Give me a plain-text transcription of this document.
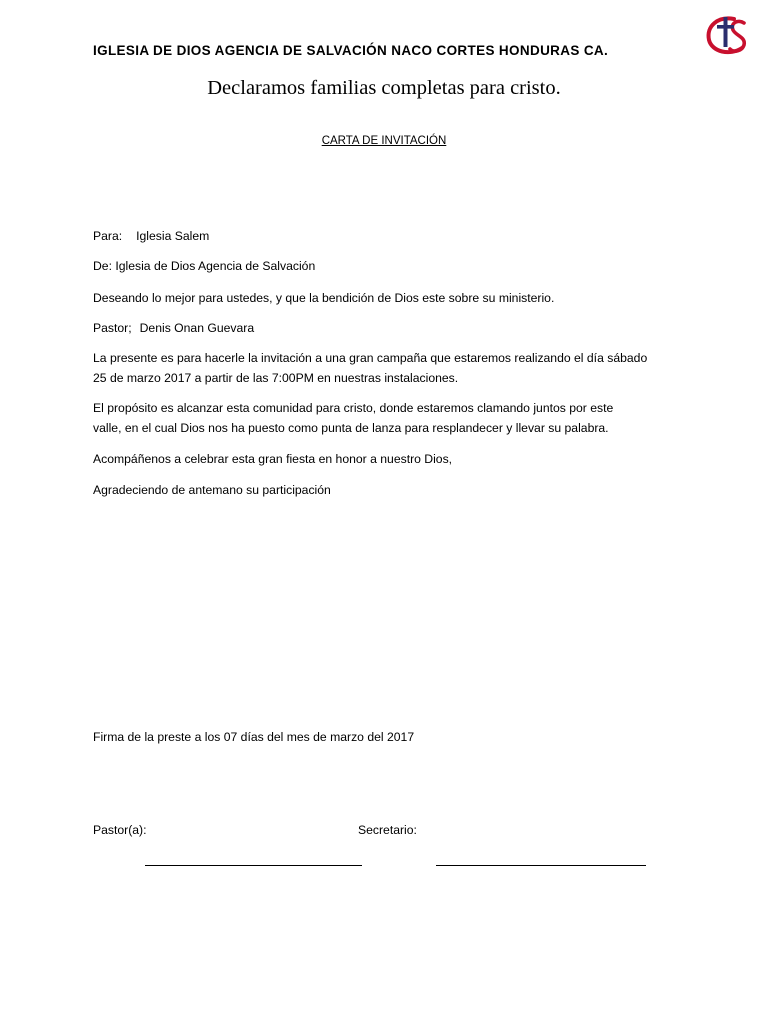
IGLESIA DE DIOS AGENCIA DE SALVACIÓN NACO CORTES HONDURAS CA.
Declaramos familias completas para cristo.
CARTA DE INVITACIÓN
Para: Iglesia Salem
De: Iglesia de Dios Agencia de Salvación
Deseando lo mejor para ustedes, y que la bendición de Dios este sobre su ministerio.
Pastor; Denis Onan Guevara
La presente es para hacerle la invitación a una gran campaña que estaremos realizando el día sábado
25 de marzo 2017 a partir de las 7:00PM en nuestras instalaciones.
El propósito es alcanzar esta comunidad para cristo, donde estaremos clamando juntos por este
valle, en el cual Dios nos ha puesto como punta de lanza para resplandecer y llevar su palabra.
Acompáñenos a celebrar esta gran fiesta en honor a nuestro Dios,
Agradeciendo de antemano su participación
Firma de la preste a los 07 días del mes de marzo del 2017
Pastor(a):	Secretario:
